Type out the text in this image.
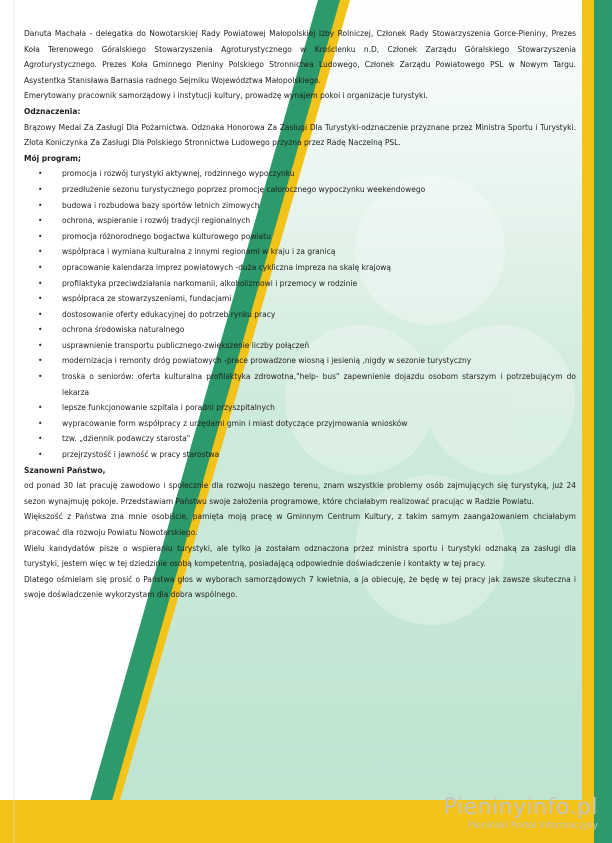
Danuta Machała - delegatka do Nowotarskiej Rady Powiatowej Małopolskiej Izby Rolniczej, Członek Rady Stowarzyszenia Gorce-Pieniny, Prezes Koła Terenowego Góralskiego Stowarzyszenia Agroturystycznego w Krośclenku n.D, Członek Zarządu Góralskiego Stowarzyszenia Agroturystycznego. Prezes Koła Gminnego Pieniny Polskiego Stronnictwa Ludowego, Członek Zarządu Powiatowego PSL w Nowym Targu. Asystentka Stanisława Barnasia radnego Sejmiku Województwa Małopolskiego.

Emerytowany pracownik samorządowy i instytucji kultury, prowadzę wynajem pokoi i organizacje turystyki.

Odznaczenia:

Brązowy Medal Za Zasługi Dla Pożarnictwa. Odznaka Honorowa Za Zasługi Dla Turystyki-odznaczenie przyznane przez Ministra Sportu i Turystyki. Złota Koniczynka Za Zasługi Dla Polskiego Stronnictwa Ludowego przyzna przez Radę Naczelną PSL.

Mój program;

•	promocja i rozwój turystyki aktywnej, rodzinnego wypoczynku
•	przedłużenie sezonu turystycznego poprzez promocję całorocznego wypoczynku weekendowego
•	budowa i rozbudowa bazy sportów letnich zimowych
•	ochrona, wspieranie i rozwój tradycji regionalnych
•	promocja różnorodnego bogactwa kulturowego powiatu
•	współpraca i wymiana kulturalna z innymi regionami w kraju i za granicą
•	opracowanie kalendarza imprez powiatowych -duża cykliczna impreza na skalę krajową
•	profilaktyka przeciwdziałania narkomanii, alkoholizmowi i przemocy w rodzinie
•	współpraca ze stowarzyszeniami, fundacjami
•	dostosowanie oferty edukacyjnej do potrzeb rynku pracy
•	ochrona środowiska naturalnego
•	usprawnienie transportu publicznego-zwiększenie liczby połączeń
•	modernizacja i remonty dróg powiatowych -prace prowadzone wiosną i jesienią ,nigdy w sezonie turystyczny
•	troska o seniorów: oferta kulturalna profilaktyka zdrowotna,"help- bus" zapewnienie dojazdu osobom starszym i potrzebującym do lekarza
•	lepsze funkcjonowanie szpitala i poradni przyszpitalnych
•	wypracowanie form współpracy z urzędami gmin i miast dotyczące przyjmowania wniosków
•	tzw. „dziennik podawczy starosta"
•	przejrzystość i jawność w pracy starostwa

Szanowni Państwo,

od ponad 30 lat pracuję zawodowo i społecznie dla rozwoju naszego terenu, znam wszystkie problemy osób zajmujących się turystyką, już 24 sezon wynajmuję pokoje. Przedstawiam Państwu swoje założenia programowe, które chciałabym realizować pracując w Radzie Powiatu.

Większość z Państwa zna mnie osobiście, pamięta moją pracę w Gminnym Centrum Kultury, z takim samym zaangażowaniem chciałabym pracować dla rozwoju Powiatu Nowotarskiego.

Wielu kandydatów pisze o wspieraniu turystyki, ale tylko ja zostałam odznaczona przez ministra sportu i turystyki odznaką za zasługi dla turystyki, jestem więc w tej dziedzinie osobą kompetentną, posiadającą odpowiednie doświadczenie i kontakty w tej pracy.

Dlatego ośmielam się prosić o Państwa głos w wyborach samorządowych 7 kwietnia, a ja obiecuję, że będę w tej pracy jak zawsze skuteczna i swoje doświadczenie wykorzystam dla dobra wspólnego.

Pieninyinfo.pl
Pieniński Portal Informacyjny
